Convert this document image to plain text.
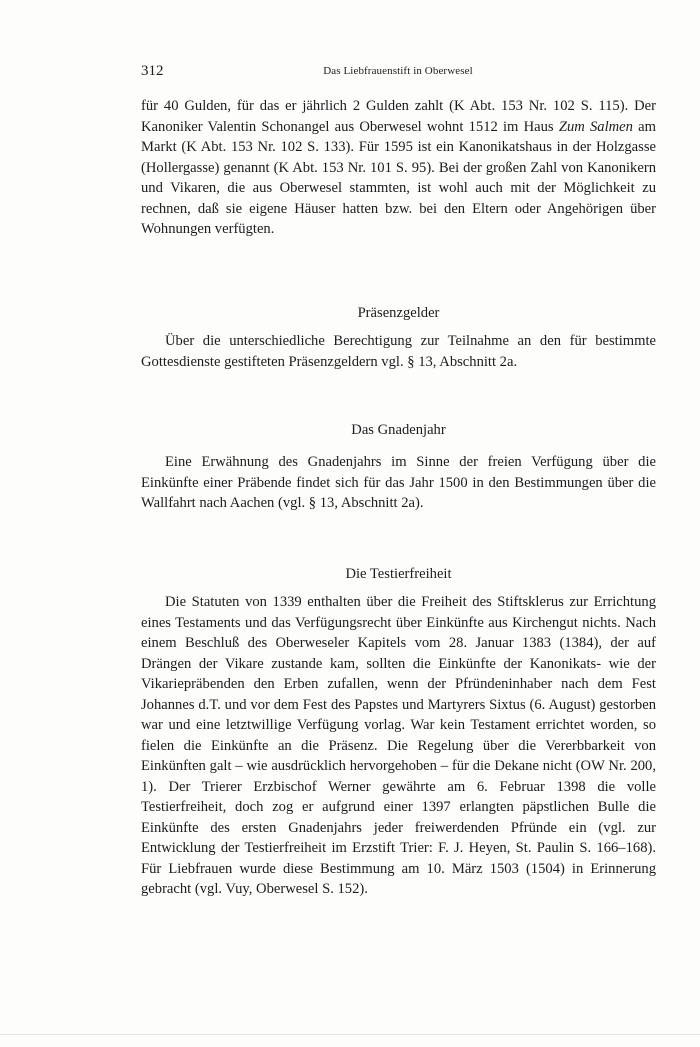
312	Das Liebfrauenstift in Oberwesel

für 40 Gulden, für das er jährlich 2 Gulden zahlt (K Abt. 153 Nr. 102 S. 115). Der Kanoniker Valentin Schonangel aus Oberwesel wohnt 1512 im Haus Zum Salmen am Markt (K Abt. 153 Nr. 102 S. 133). Für 1595 ist ein Kanonikatshaus in der Holzgasse (Hollergasse) genannt (K Abt. 153 Nr. 101 S. 95). Bei der großen Zahl von Kanonikern und Vikaren, die aus Oberwesel stammten, ist wohl auch mit der Möglichkeit zu rechnen, daß sie eigene Häuser hatten bzw. bei den Eltern oder Angehörigen über Wohnungen verfügten.

Präsenzgelder

Über die unterschiedliche Berechtigung zur Teilnahme an den für bestimmte Gottesdienste gestifteten Präsenzgeldern vgl. § 13, Abschnitt 2a.

Das Gnadenjahr

Eine Erwähnung des Gnadenjahrs im Sinne der freien Verfügung über die Einkünfte einer Präbende findet sich für das Jahr 1500 in den Bestimmungen über die Wallfahrt nach Aachen (vgl. § 13, Abschnitt 2a).

Die Testierfreiheit

Die Statuten von 1339 enthalten über die Freiheit des Stiftsklerus zur Errichtung eines Testaments und das Verfügungsrecht über Einkünfte aus Kirchengut nichts. Nach einem Beschluß des Oberweseler Kapitels vom 28. Januar 1383 (1384), der auf Drängen der Vikare zustande kam, sollten die Einkünfte der Kanonikats- wie der Vikariepräbenden den Erben zufallen, wenn der Pfründeninhaber nach dem Fest Johannes d.T. und vor dem Fest des Papstes und Martyrers Sixtus (6. August) gestorben war und eine letztwillige Verfügung vorlag. War kein Testament errichtet worden, so fielen die Einkünfte an die Präsenz. Die Regelung über die Vererbbarkeit von Einkünften galt – wie ausdrücklich hervorgehoben – für die Dekane nicht (OW Nr. 200, 1). Der Trierer Erzbischof Werner gewährte am 6. Februar 1398 die volle Testierfreiheit, doch zog er aufgrund einer 1397 erlangten päpstlichen Bulle die Einkünfte des ersten Gnadenjahrs jeder freiwerdenden Pfründe ein (vgl. zur Entwicklung der Testierfreiheit im Erzstift Trier: F. J. Heyen, St. Paulin S. 166–168). Für Liebfrauen wurde diese Bestimmung am 10. März 1503 (1504) in Erinnerung gebracht (vgl. Vuy, Oberwesel S. 152).
